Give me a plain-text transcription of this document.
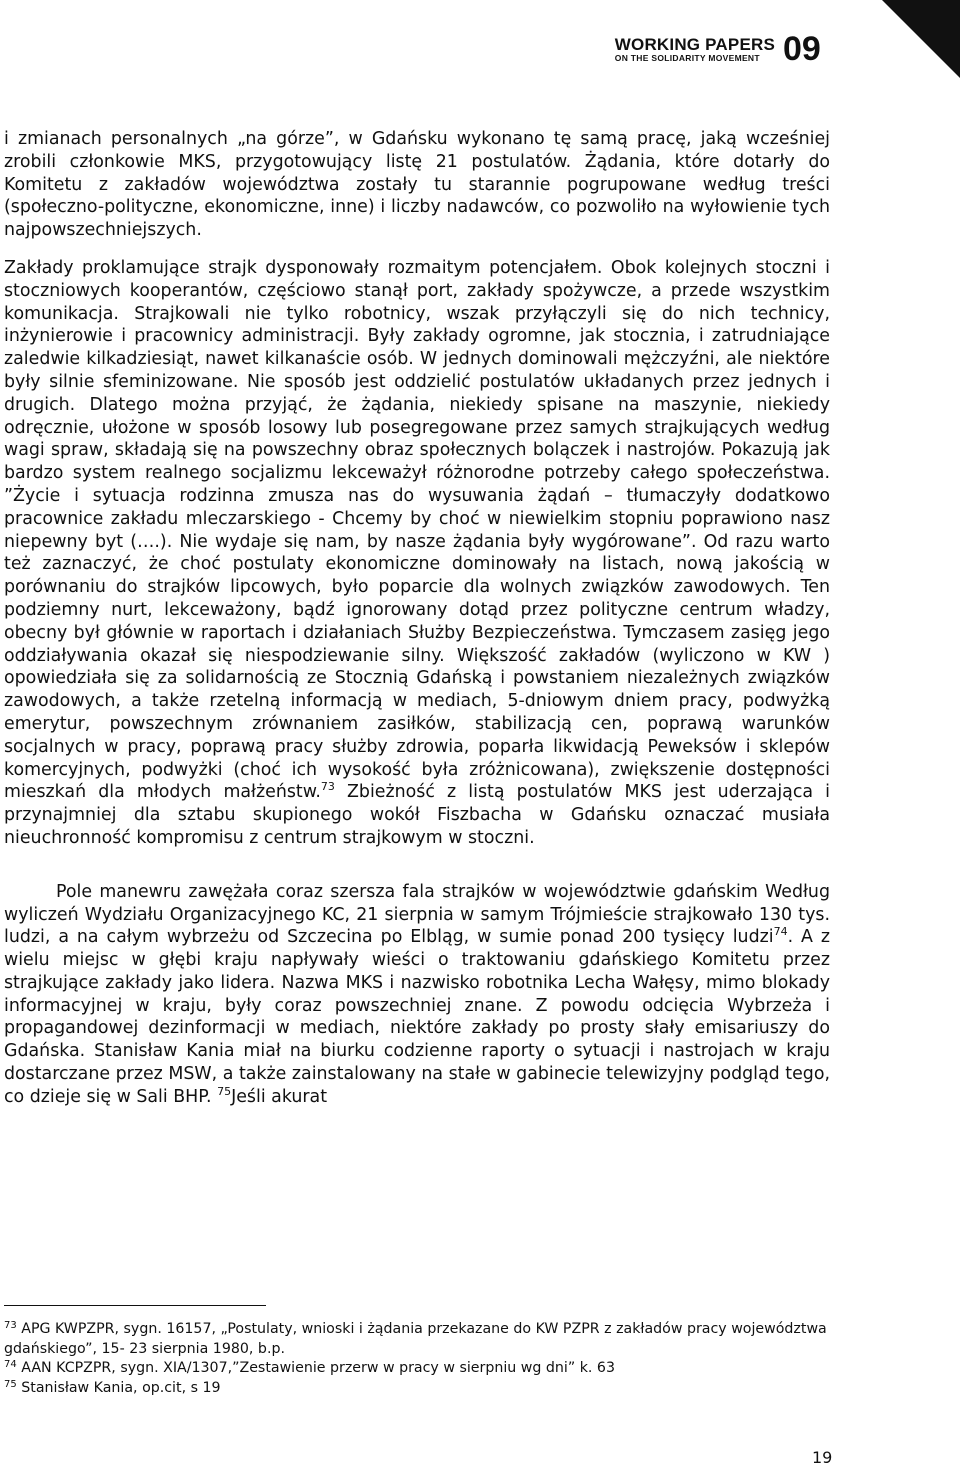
WORKING PAPERS
ON THE SOLIDARITY MOVEMENT 09

i zmianach personalnych „na górze”, w Gdańsku wykonano tę samą pracę, jaką wcześniej zrobili członkowie MKS, przygotowujący listę 21 postulatów. Żądania, które dotarły do Komitetu z zakładów województwa zostały tu starannie pogrupowane według treści (społeczno-polityczne, ekonomiczne, inne) i liczby nadawców, co pozwoliło na wyłowienie tych najpowszechniejszych.

Zakłady proklamujące strajk dysponowały rozmaitym potencjałem. Obok kolejnych stoczni i stoczniowych kooperantów, częściowo stanął port, zakłady spożywcze, a przede wszystkim komunikacja. Strajkowali nie tylko robotnicy, wszak przyłączyli się do nich technicy, inżynierowie i pracownicy administracji. Były zakłady ogromne, jak stocznia, i zatrudniające zaledwie kilkadziesiąt, nawet kilkanaście osób. W jednych dominowali mężczyźni, ale niektóre były silnie sfeminizowane. Nie sposób jest oddzielić postulatów układanych przez jednych i drugich. Dlatego można przyjąć, że żądania, niekiedy spisane na maszynie, niekiedy odręcznie, ułożone w sposób losowy lub posegregowane przez samych strajkujących według wagi spraw, składają się na powszechny obraz społecznych bolączek i nastrojów. Pokazują jak bardzo system realnego socjalizmu lekceważył różnorodne potrzeby całego społeczeństwa. ”Życie i sytuacja rodzinna zmusza nas do wysuwania żądań – tłumaczyły dodatkowo pracownice zakładu mleczarskiego - Chcemy by choć w niewielkim stopniu poprawiono nasz niepewny byt (….). Nie wydaje się nam, by nasze żądania były wygórowane”. Od razu warto też zaznaczyć, że choć postulaty ekonomiczne dominowały na listach, nową jakością w porównaniu do strajków lipcowych, było poparcie dla wolnych związków zawodowych. Ten podziemny nurt, lekceważony, bądź ignorowany dotąd przez polityczne centrum władzy, obecny był głównie w raportach i działaniach Służby Bezpieczeństwa. Tymczasem zasięg jego oddziaływania okazał się niespodziewanie silny. Większość zakładów (wyliczono w KW ) opowiedziała się za solidarnością ze Stocznią Gdańską i powstaniem niezależnych związków zawodowych, a także rzetelną informacją w mediach, 5-dniowym dniem pracy, podwyżką emerytur, powszechnym zrównaniem zasiłków, stabilizacją cen, poprawą warunków socjalnych w pracy, poprawą pracy służby zdrowia, poparła likwidacją Peweksów i sklepów komercyjnych, podwyżki (choć ich wysokość była zróżnicowana), zwiększenie dostępności mieszkań dla młodych małżeństw.$^{73}$ Zbieżność z listą postulatów MKS jest uderzająca i przynajmniej dla sztabu skupionego wokół Fiszbacha w Gdańsku oznaczać musiała nieuchronność kompromisu z centrum strajkowym w stoczni.

Pole manewru zawężała coraz szersza fala strajków w województwie gdańskim Według wyliczeń Wydziału Organizacyjnego KC, 21 sierpnia w samym Trójmieście strajkowało 130 tys. ludzi, a na całym wybrzeżu od Szczecina po Elbląg, w sumie ponad 200 tysięcy ludzi$^{74}$. A z wielu miejsc w głębi kraju napływały wieści o traktowaniu gdańskiego Komitetu przez strajkujące zakłady jako lidera. Nazwa MKS i nazwisko robotnika Lecha Wałęsy, mimo blokady informacyjnej w kraju, były coraz powszechniej znane. Z powodu odcięcia Wybrzeża i propagandowej dezinformacji w mediach, niektóre zakłady po prosty słały emisariuszy do Gdańska. Stanisław Kania miał na biurku codzienne raporty o sytuacji i nastrojach w kraju dostarczane przez MSW, a także zainstalowany na stałe w gabinecie telewizyjny podgląd tego, co dzieje się w Sali BHP. $^{75}$Jeśli akurat

$^{73}$ APG KWPZPR, sygn. 16157, „Postulaty, wnioski i żądania przekazane do KW PZPR z zakładów pracy województwa gdańskiego”, 15- 23 sierpnia 1980, b.p.
$^{74}$ AAN KCPZPR, sygn. XIA/1307,”Zestawienie przerw w pracy w sierpniu wg dni” k. 63
$^{75}$ Stanisław Kania, op.cit, s 19
19
